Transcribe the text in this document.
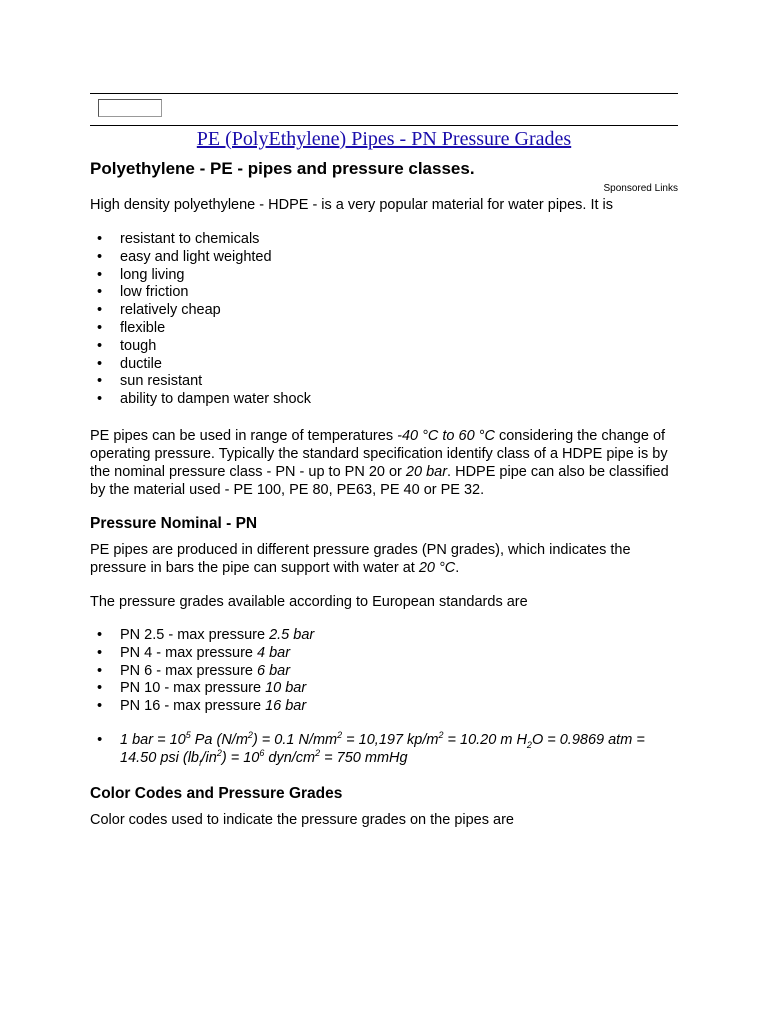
PE (PolyEthylene) Pipes - PN Pressure Grades
Polyethylene - PE - pipes and pressure classes.
Sponsored Links

High density polyethylene - HDPE - is a very popular material for water pipes. It is

• resistant to chemicals
• easy and light weighted
• long living
• low friction
• relatively cheap
• flexible
• tough
• ductile
• sun resistant
• ability to dampen water shock

PE pipes can be used in range of temperatures -40 °C to 60 °C considering the change of operating pressure. Typically the standard specification identify class of a HDPE pipe is by the nominal pressure class - PN - up to PN 20 or 20 bar. HDPE pipe can also be classified by the material used - PE 100, PE 80, PE63, PE 40 or PE 32.

Pressure Nominal - PN

PE pipes are produced in different pressure grades (PN grades), which indicates the pressure in bars the pipe can support with water at 20 °C.

The pressure grades available according to European standards are

• PN 2.5 - max pressure 2.5 bar
• PN 4 - max pressure 4 bar
• PN 6 - max pressure 6 bar
• PN 10 - max pressure 10 bar
• PN 16 - max pressure 16 bar
• 1 bar = $10^5$ Pa $(N/m^2) = 0.1$ $N/mm^2 = 10,197$ $kp/m^2 = 10.20$ m $H_2O = 0.9869$ atm = 14.50 psi $(lb_f/in^2) = 10^6$ dyn/$cm^2 = 750$ mmHg
Color Codes and Pressure Grades

Color codes used to indicate the pressure grades on the pipes are
